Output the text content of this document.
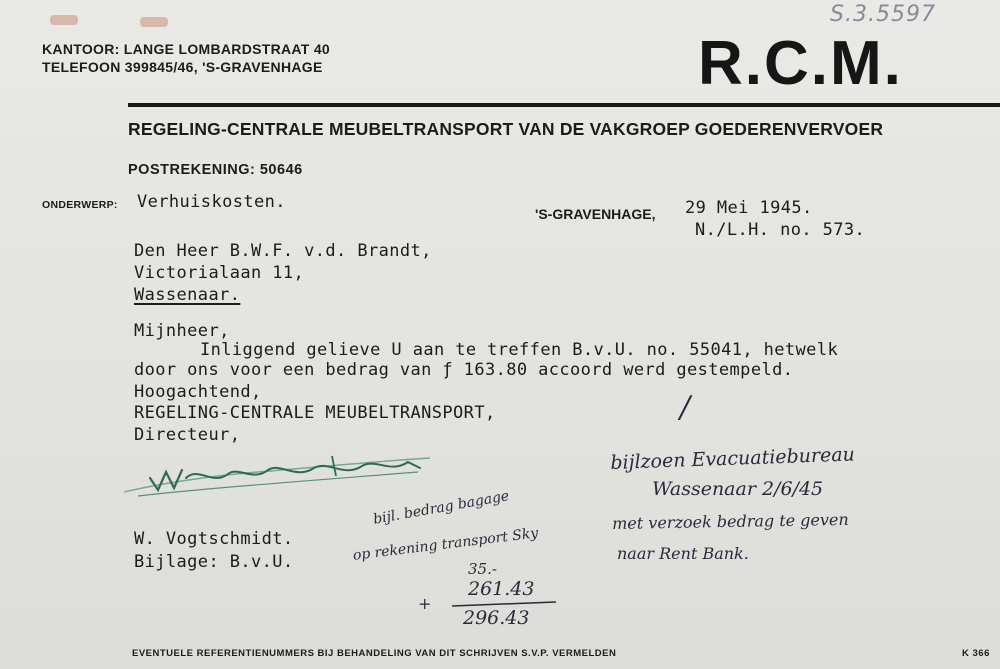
S.3.5597
KANTOOR: LANGE LOMBARDSTRAAT 40
TELEFOON 399845/46, 'S-GRAVENHAGE	R.C.M.
REGELING-CENTRALE MEUBELTRANSPORT VAN DE VAKGROEP GOEDERENVERVOER
POSTREKENING: 50646
ONDERWERP: Verhuiskosten.
'S-GRAVENHAGE, 29 Mei 1945.
N./L.H. no. 573.
Den Heer B.W.F. v.d. Brandt,
Victorialaan 11,
Wassenaar.
Mijnheer,
Inliggend gelieve U aan te treffen B.v.U. no. 55041, hetwelk
door ons voor een bedrag van ƒ 163.80 accoord werd gestempeld.
Hoogachtend,
REGELING-CENTRALE MEUBELTRANSPORT,
Directeur,
W. Vogtschmidt.
Bijlage: B.v.U.
/
bijl. bedrag bagage
op rekening transport Sky
35.-
261.43
+
296.43
bijlzoen Evacuatiebureau
Wassenaar 2/6/45
met verzoek bedrag te geven
naar Rent Bank.
EVENTUELE REFERENTIENUMMERS BIJ BEHANDELING VAN DIT SCHRIJVEN S.V.P. VERMELDEN	K 366
